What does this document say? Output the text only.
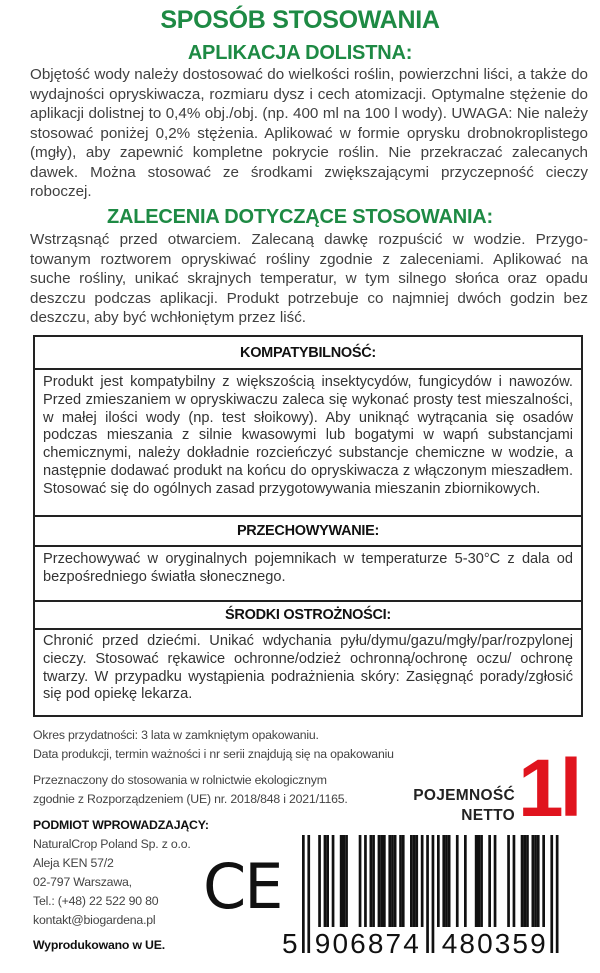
SPOSÓB STOSOWANIA
APLIKACJA DOLISTNA:
Objętość wody należy dostosować do wielkości roślin, powierzchni liści, a także do wydajności opryskiwacza, rozmiaru dysz i cech atomizacji. Optymalne stężenie do aplikacji dolistnej to 0,4% obj./obj. (np. 400 ml na 100 l wody). UWAGA: Nie należy stosować poniżej 0,2% stężenia. Aplikować w formie oprysku drobnokroplistego (mgły), aby zapewnić kompletne pokrycie roślin. Nie przekraczać zalecanych dawek. Można stosować ze środkami zwiększającymi przyczepność cieczy roboczej.
ZALECENIA DOTYCZĄCE STOSOWANIA:
Wstrząsnąć przed otwarciem. Zalecaną dawkę rozpuścić w wodzie. Przygotowanym roztworem opryskiwać rośliny zgodnie z zaleceniami. Aplikować na suche rośliny, unikać skrajnych temperatur, w tym silnego słońca oraz opadu deszczu podczas aplikacji. Produkt potrzebuje co najmniej dwóch godzin bez deszczu, aby być wchłoniętym przez liść.
KOMPATYBILNOŚĆ:
Produkt jest kompatybilny z większością insektycydów, fungicydów i nawozów. Przed zmieszaniem w opryskiwaczu zaleca się wykonać prosty test mieszalności, w małej ilości wody (np. test słoikowy). Aby uniknąć wytrącania się osadów podczas mieszania z silnie kwasowymi lub bogatymi w wapń substancjami chemicznymi, należy dokładnie rozcieńczyć substancje chemiczne w wodzie, a następnie dodawać produkt na końcu do opryskiwacza z włączonym mieszadłem. Stosować się do ogólnych zasad przygotowywania mieszanin zbiornikowych.
PRZECHOWYWANIE:
Przechowywać w oryginalnych pojemnikach w temperaturze 5-30°C z dala od bezpośredniego światła słonecznego.
ŚRODKI OSTROŻNOŚCI:
Chronić przed dziećmi. Unikać wdychania pyłu/dymu/gazu/mgły/par/rozpylonej cieczy. Stosować rękawice ochronne/odzież ochronną/ochronę oczu/ ochronę twarzy. W przypadku wystąpienia podrażnienia skóry: Zasięgnąć porady/zgłosić się pod opiekę lekarza.
Okres przydatności: 3 lata w zamkniętym opakowaniu.
Data produkcji, termin ważności i nr serii znajdują się na opakowaniu
Przeznaczony do stosowania w rolnictwie ekologicznym
zgodnie z Rozporządzeniem (UE) nr. 2018/848 i 2021/1165.
PODMIOT WPROWADZAJĄCY:
NaturalCrop Poland Sp. z o.o.
Aleja KEN 57/2
02-797 Warszawa,
Tel.: (+48) 22 522 90 80
kontakt@biogardena.pl
Wyprodukowano w UE.
CE
POJEMNOŚĆ
NETTO 1l
5 906874 480359
